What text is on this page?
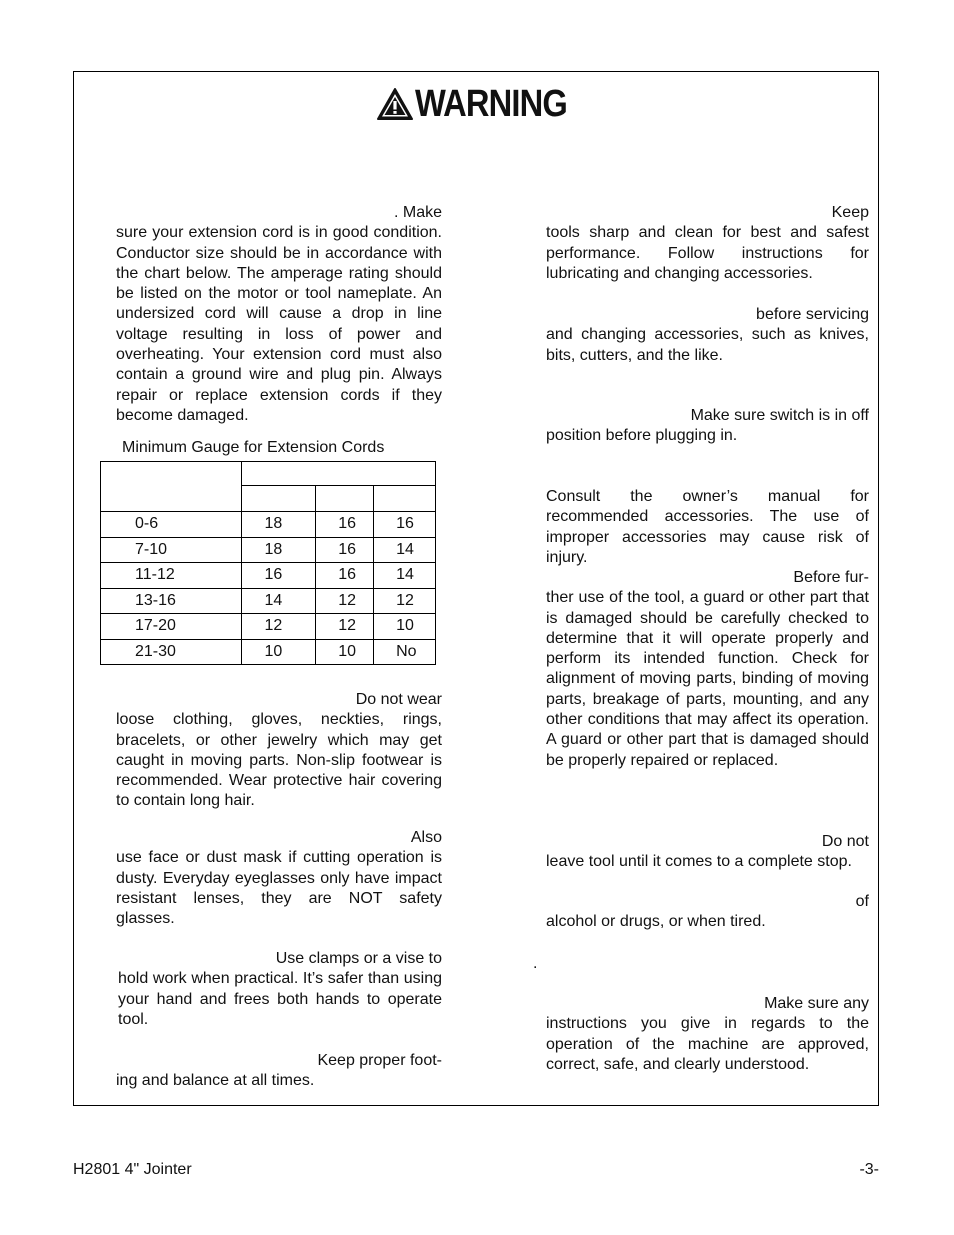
WARNING
. Make
sure your extension cord is in good condition. Conductor size should be in accordance with the chart below. The amperage rating should be listed on the motor or tool nameplate. An undersized cord will cause a drop in line voltage resulting in loss of power and overheating. Your extension cord must also contain a ground wire and plug pin. Always repair or replace extension cords if they become damaged.
Do not wear
loose clothing, gloves, neckties, rings, bracelets, or other jewelry which may get caught in moving parts. Non-slip footwear is recommended. Wear protective hair covering to contain long hair.
Also
use face or dust mask if cutting operation is dusty. Everyday eyeglasses only have impact resistant lenses, they are NOT safety glasses.
Use clamps or a vise to
hold work when practical. It’s safer than using your hand and frees both hands to operate tool.
Keep proper foot-
ing and balance at all times.
Minimum Gauge for Extension Cords

0-6	18	16	16
7-10	18	16	14
11-12	16	16	14
13-16	14	12	12
17-20	12	12	10
21-30	10	10	No
Keep
tools sharp and clean for best and safest performance. Follow instructions for lubricating and changing accessories.
before servicing
and changing accessories, such as knives, bits, cutters, and the like.
Make sure switch is in off
position before plugging in.
Consult the owner’s manual for recommended accessories. The use of improper accessories may cause risk of injury.
Before fur-
ther use of the tool, a guard or other part that is damaged should be carefully checked to determine that it will operate properly and perform its intended function. Check for alignment of moving parts, binding of moving parts, breakage of parts, mounting, and any other conditions that may affect its operation. A guard or other part that is damaged should be properly repaired or replaced.
Do not
leave tool until it comes to a complete stop.
of
alcohol or drugs, or when tired.
Make sure any
instructions you give in regards to the operation of the machine are approved, correct, safe, and clearly understood.
.
H2801 4" Jointer	-3-
